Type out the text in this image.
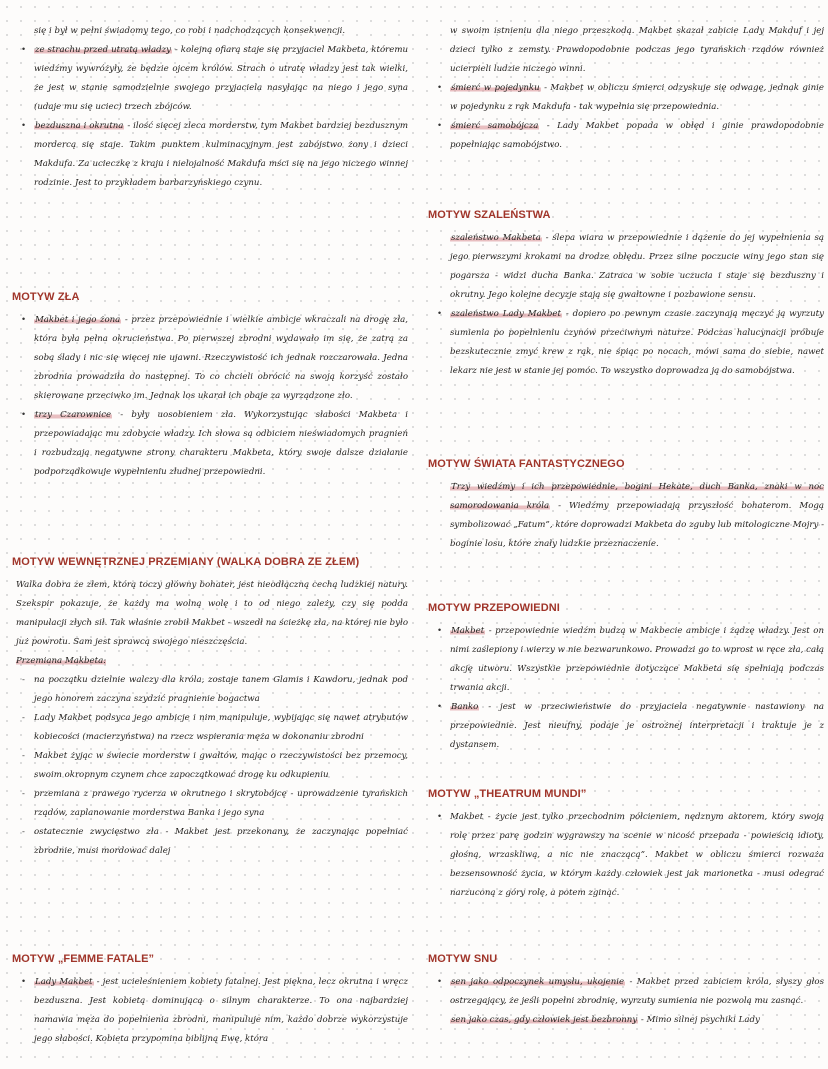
się i był w pełni świadomy tego, co robi i nadchodzących konsekwencji.
• ze strachu przed utratą władzy - kolejną ofiarą staje się przyjaciel Makbeta, któremu wiedźmy wywróżyły, że będzie ojcem królów. Strach o utratę władzy jest tak wielki, że jest w stanie samodzielnie swojego przyjaciela nasyłając na niego i jego syna (udaje mu się uciec) trzech zbójców.
• bezduszna i okrutna - ilość sięcej zleca morderstw, tym Makbet bardziej bezdusznym mordercą się staje. Takim punktem kulminacyjnym jest zabójstwo żony i dzieci Makdufa. Za ucieczkę z kraju i nielojalność Makdufa mści się na jego niczego winnej rodzinie. Jest to przykładem barbarzyńskiego czynu.
MOTYW ZŁA
• Makbet i jego żona - przez przepowiednie i wielkie ambicje wkraczali na drogę zła, która była pełna okrucieństwa. Po pierwszej zbrodni wydawało im się, że zatrą za sobą ślady i nic się więcej nie ujawni. Rzeczywistość ich jednak rozczarowała. Jedna zbrodnia prowadziła do następnej. To co chcieli obrócić na swoją korzyść zostało skierowane przeciwko im. Jednak los ukarał ich obaje za wyrządzone zło.
• trzy Czarownice - były uosobieniem zła. Wykorzystując słabości Makbeta i przepowiadając mu zdobycie władzy. Ich słowa są odbiciem nieświadomych pragnień i rozbudzają negatywne strony charakteru Makbeta, który swoje dalsze działanie podporządkowuje wypełnieniu złudnej przepowiedni.
MOTYW WEWNĘTRZNEJ PRZEMIANY (WALKA DOBRA ZE ZŁEM)

Walka dobra ze złem, którą toczy główny bohater, jest nieodłączną cechą ludzkiej natury. Szekspir pokazuje, że każdy ma wolną wolę i to od niego zależy, czy się podda manipulacji złych sił. Tak właśnie zrobił Makbet - wszedł na ścieżkę zła, na której nie było już powrotu. Sam jest sprawcą swojego nieszczęścia.

Przemiana Makbeta:
- na początku dzielnie walczy dla króla, zostaje tanem Glamis i Kawdoru, jednak pod jego honorem zaczyna szydzić pragnienie bogactwa
- Lady Makbet podsyca jego ambicje i nim manipuluje, wybijając się nawet atrybutów kobiecości (macierzyństwa) na rzecz wspierania męża w dokonaniu zbrodni
- Makbet żyjąc w świecie morderstw i gwałtów, mając o rzeczywistości bez przemocy, swoim okropnym czynem chce zapoczątkować drogę ku odkupieniu
- przemiana z prawego rycerza w okrutnego i skrytobójcę - uprowadzenie tyrańskich rządów, zaplanowanie morderstwa Banka i jego syna
- ostatecznie zwycięstwo zła - Makbet jest przekonany, że zaczynając popełniać zbrodnie, musi mordować dalej
MOTYW „FEMME FATALE”
• Lady Makbet - jest ucieleśnieniem kobiety fatalnej. Jest piękna, lecz okrutna i wręcz bezduszna. Jest kobietą dominującą o silnym charakterze. To ona najbardziej namawia męża do popełnienia zbrodni, manipuluje nim, każdo dobrze wykorzystuje jego słabości. Kobieta przypomina biblijną Ewę, która
w swoim istnieniu dla niego przeszkodą. Makbet skazał zabicie Lady Makduf i jej dzieci tylko z zemsty. Prawdopodobnie podczas jego tyrańskich rządów również ucierpieli ludzie niczego winni.
• śmierć w pojedynku - Makbet w obliczu śmierci odzyskuje się odwagę, jednak ginie w pojedynku z rąk Makdufa - tak wypełnia się przepowiednia.
• śmierć samobójcza - Lady Makbet popada w obłęd i ginie prawdopodobnie popełniając samobójstwo.
MOTYW SZALEŃSTWA
szaleństwo Makbeta - ślepa wiara w przepowiednie i dążenie do jej wypełnienia są jego pierwszymi krokami na drodze obłędu. Przez silne poczucie winy jego stan się pogarsza - widzi ducha Banka. Zatraca w sobie uczucia i staje się bezduszny i okrutny. Jego kolejne decyzje stają się gwałtowne i pozbawione sensu.
• szaleństwo Lady Makbet - dopiero po pewnym czasie zaczynają męczyć ją wyrzuty sumienia po popełnieniu czynów przeciwnym naturze. Podczas halucynacji próbuje bezskutecznie zmyć krew z rąk, nie śpiąc po nocach, mówi sama do siebie, nawet lekarz nie jest w stanie jej pomóc. To wszystko doprowadza ją do samobójstwa.
MOTYW ŚWIATA FANTASTYCZNEGO

Trzy wiedźmy i ich przepowiednie, bogini Hekate, duch Banka, znaki w noc samorodowania króla - Wiedźmy przepowiadają przyszłość bohaterom. Mogą symbolizować „Fatum”, które doprowadzi Makbeta do zguby lub mitologiczne Mojry - boginie losu, które znały ludzkie przeznaczenie.

MOTYW PRZEPOWIEDNI
• Makbet - przepowiednie wiedźm budzą w Makbecie ambicje i żądzę władzy. Jest on nimi zaślepiony i wierzy w nie bezwarunkowo. Prowadzi go to wprost w ręce zła, całą akcję utworu. Wszystkie przepowiednie dotyczące Makbeta się spełniają podczas trwania akcji.
• Banko - jest w przeciwieństwie do przyjaciela negatywnie nastawiony na przepowiednie. Jest nieufny, podaje je ostrożnej interpretacji i traktuje je z dystansem.
MOTYW „THEATRUM MUNDI”
• Makbet - życie jest tylko przechodnim półcieniem, nędznym aktorem, który swoją rolę przez parę godzin wygrawszy na scenie w nicość przepada - powieścią idioty, głośną, wrzaskliwą, a nic nie znaczącą”. Makbet w obliczu śmierci rozważa bezsensowność życia, w którym każdy człowiek jest jak marionetka - musi odegrać narzuconą z góry rolę, a potem zginąć.
MOTYW SNU
• sen jako odpoczynek umysłu, ukojenie - Makbet przed zabiciem króla, słyszy głos ostrzegający, że jeśli popełni zbrodnię, wyrzuty sumienia nie pozwolą mu zasnąć.
sen jako czas, gdy człowiek jest bezbronny - Mimo silnej psychiki Lady
